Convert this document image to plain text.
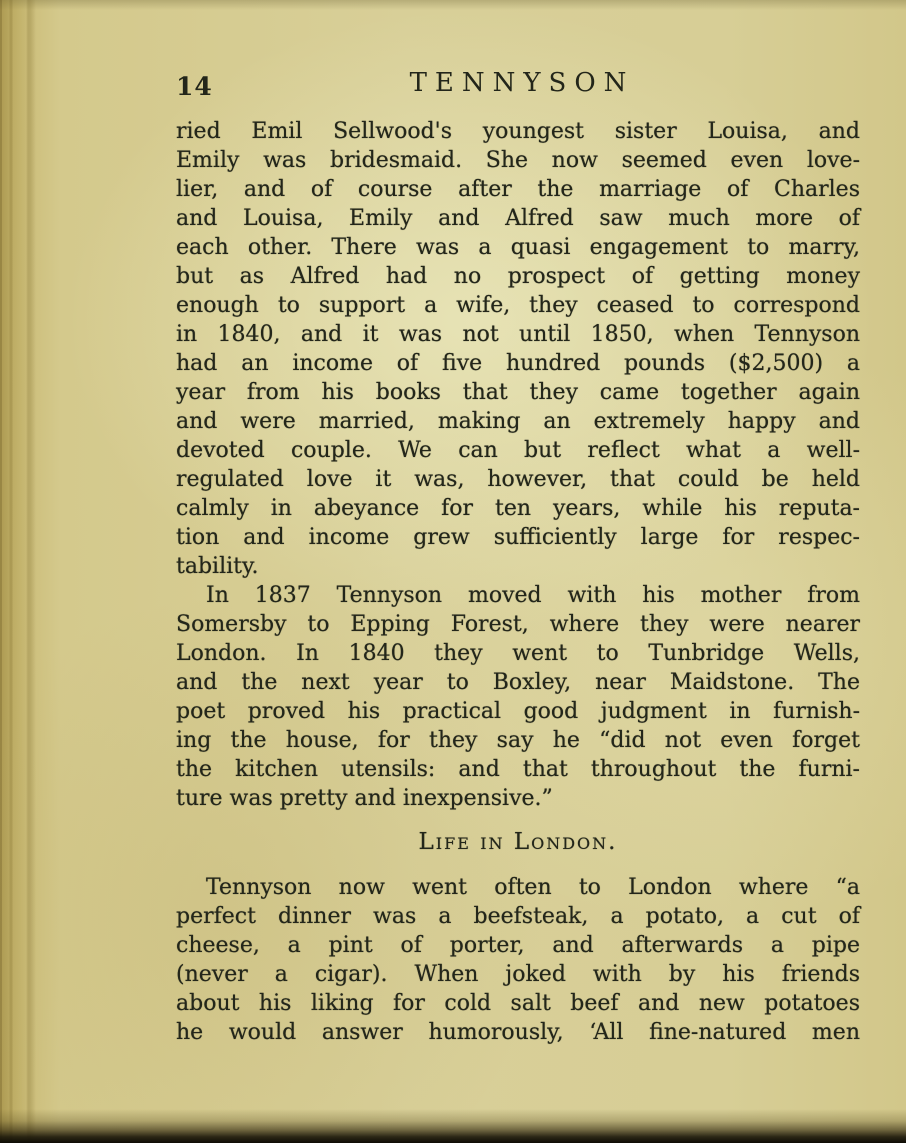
14	TENNYSON
ried Emil Sellwood's youngest sister Louisa, and
Emily was bridesmaid. She now seemed even love-
lier, and of course after the marriage of Charles
and Louisa, Emily and Alfred saw much more of
each other. There was a quasi engagement to marry,
but as Alfred had no prospect of getting money
enough to support a wife, they ceased to correspond
in 1840, and it was not until 1850, when Tennyson
had an income of five hundred pounds ($2,500) a
year from his books that they came together again
and were married, making an extremely happy and
devoted couple. We can but reflect what a well-
regulated love it was, however, that could be held
calmly in abeyance for ten years, while his reputa-
tion and income grew sufficiently large for respec-
tability.
In 1837 Tennyson moved with his mother from
Somersby to Epping Forest, where they were nearer
London. In 1840 they went to Tunbridge Wells,
and the next year to Boxley, near Maidstone. The
poet proved his practical good judgment in furnish-
ing the house, for they say he “did not even forget
the kitchen utensils: and that throughout the furni-
ture was pretty and inexpensive.”
Life in London.
Tennyson now went often to London where “a
perfect dinner was a beefsteak, a potato, a cut of
cheese, a pint of porter, and afterwards a pipe
(never a cigar). When joked with by his friends
about his liking for cold salt beef and new potatoes
he would answer humorously, ‘All fine-natured men
